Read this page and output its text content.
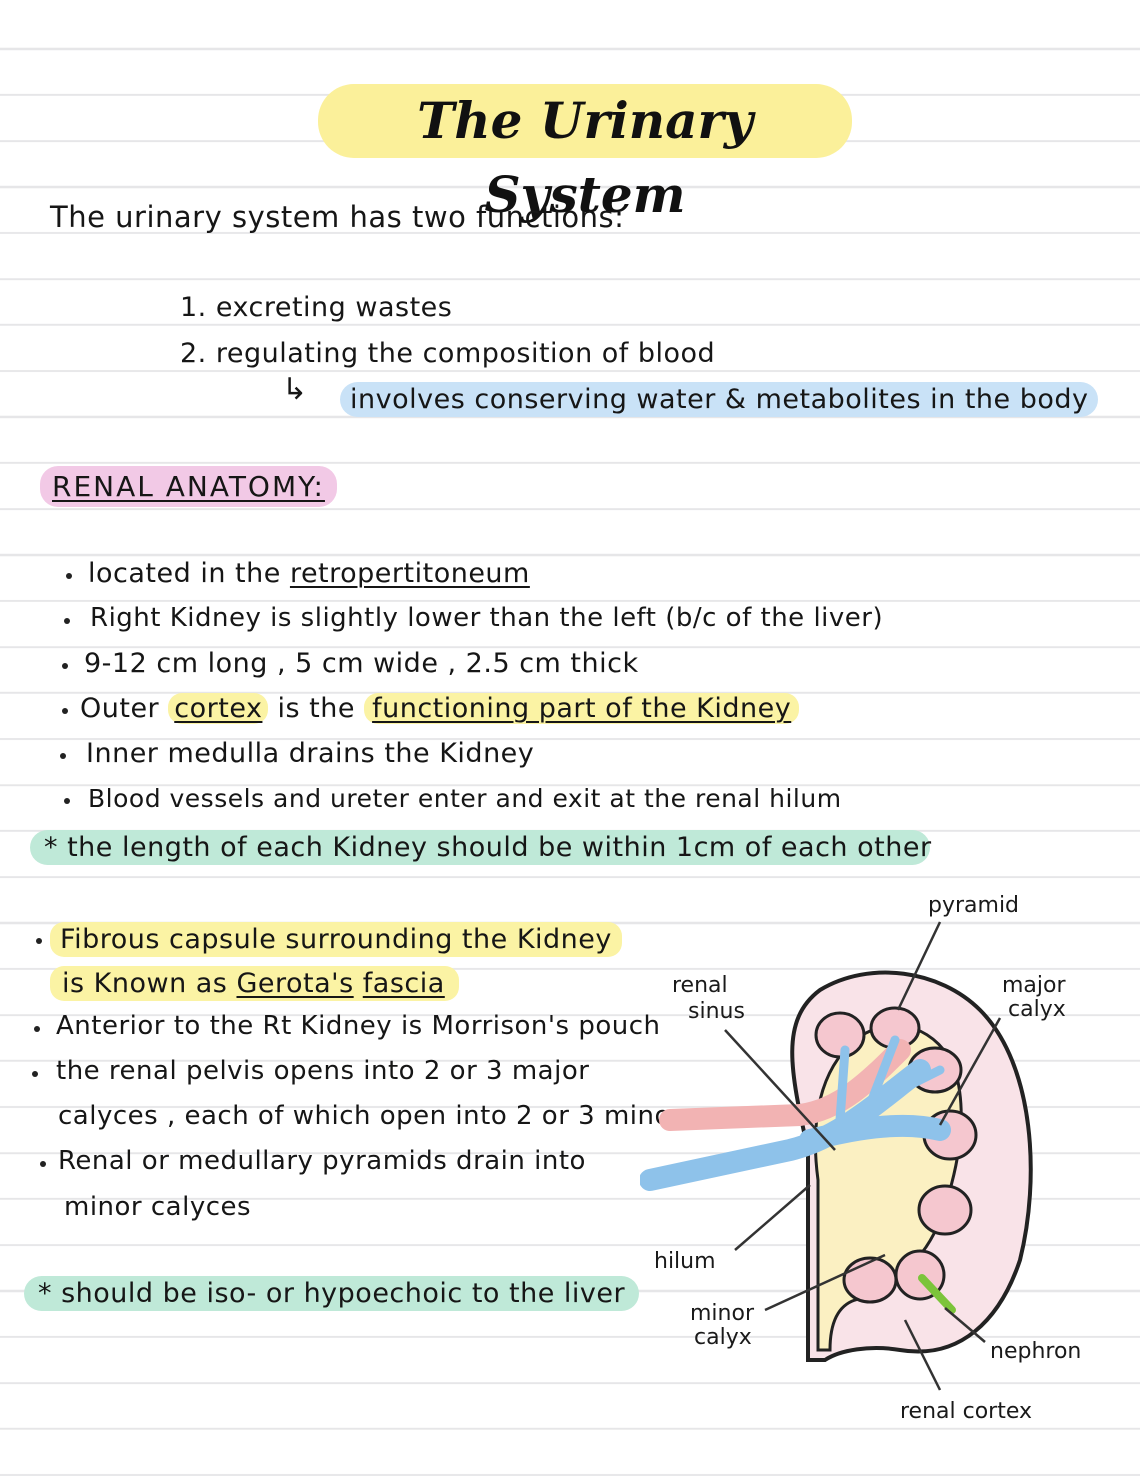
The Urinary System
The urinary system has two functions:
1. excreting wastes
2. regulating the composition of blood
↳	involves conserving water & metabolites in the body
RENAL ANATOMY:
located in the retropertitoneum
Right Kidney is slightly lower than the left (b/c of the liver)
9-12 cm long , 5 cm wide , 2.5 cm thick
Outer cortex is the functioning part of the Kidney
Inner medulla drains the Kidney
Blood vessels and ureter enter and exit at the renal hilum
* the length of each Kidney should be within 1cm of each other
Fibrous capsule surrounding the Kidney
is Known as Gerota's fascia
Anterior to the Rt Kidney is Morrison's pouch
the renal pelvis opens into 2 or 3 major
calyces , each of which open into 2 or 3 minor
Renal or medullary pyramids drain into
minor calyces
* should be iso- or hypoechoic to the liver
pyramid
renal
sinus
major
calyx
hilum
minor
calyx
nephron
renal cortex
